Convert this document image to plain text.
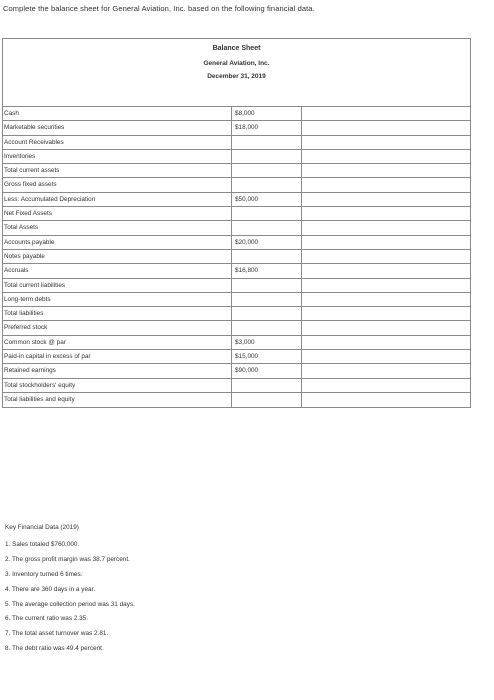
Complete the balance sheet for General Aviation, Inc. based on the following financial data.
Balance Sheet
General Aviation, Inc.
December 31, 2019
Cash	$8,000
Marketable securities	$18,000
Account Receivables
Inventories
Total current assets
Gross fixed assets
Less: Accumulated Depreciation	$50,000
Net Fixed Assets
Total Assets
Accounts payable	$20,000
Notes payable
Accruals	$16,800
Total current liabilities
Long-term debts
Total liabilities
Preferred stock
Common stock @ par	$3,000
Paid-in capital in excess of par	$15,000
Retained earnings	$90,000
Total stockholders' equity
Total liabilities and equity
Key Financial Data (2019)
1. Sales totaled $760,000.
2. The gross profit margin was 38.7 percent.
3. Inventory turned 6 times.
4. There are 360 days in a year.
5. The average collection period was 31 days.
6. The current ratio was 2.35.
7. The total asset turnover was 2.81.
8. The debt ratio was 49.4 percent.
